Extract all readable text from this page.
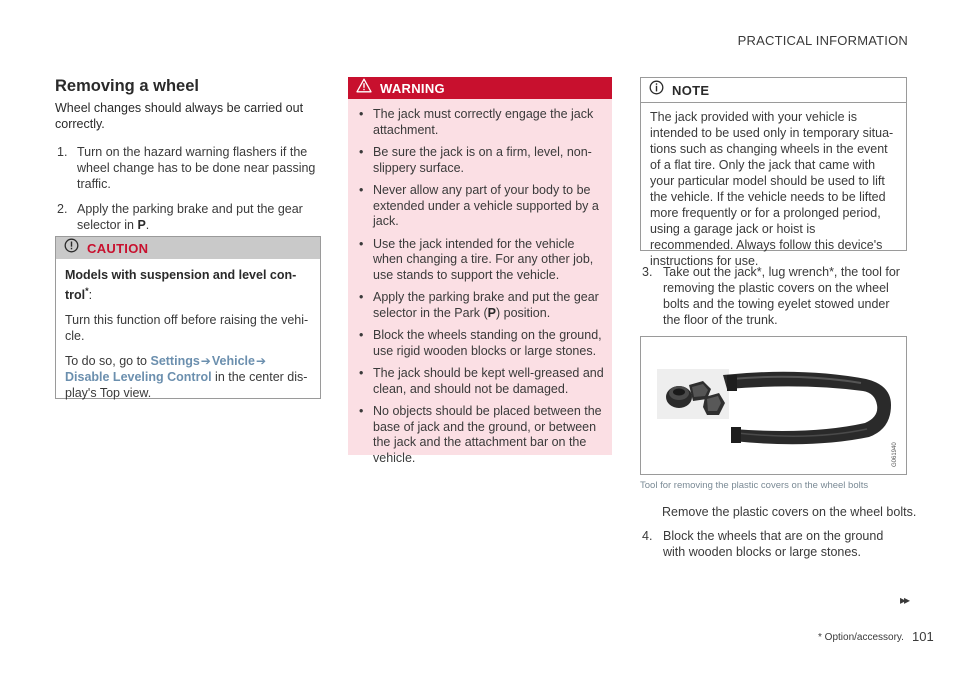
PRACTICAL INFORMATION
Removing a wheel
Wheel changes should always be carried out correctly.
1. Turn on the hazard warning flashers if the wheel change has to be done near passing traffic.
2. Apply the parking brake and put the gear selector in P.
CAUTION

Models with suspension and level con-trol*:

Turn this function off before raising the vehi-cle.

To do so, go to Settings➔Vehicle➔
Disable Leveling Control in the center dis-play's Top view.

WARNING
• The jack must correctly engage the jack attachment.
• Be sure the jack is on a firm, level, non-slippery surface.
• Never allow any part of your body to be extended under a vehicle supported by a jack.
• Use the jack intended for the vehicle when changing a tire. For any other job, use stands to support the vehicle.
• Apply the parking brake and put the gear selector in the Park (P) position.
• Block the wheels standing on the ground, use rigid wooden blocks or large stones.
• The jack should be kept well-greased and clean, and should not be damaged.
• No objects should be placed between the base of jack and the ground, or between the jack and the attachment bar on the vehicle.
NOTE
The jack provided with your vehicle is intended to be used only in temporary situa-tions such as changing wheels in the event of a flat tire. Only the jack that came with your particular model should be used to lift the vehicle. If the vehicle needs to be lifted more frequently or for a prolonged period, using a garage jack or hoist is recommended. Always follow this device's instructions for use.
3. Take out the jack*, lug wrench*, the tool for removing the plastic covers on the wheel bolts and the towing eyelet stowed under the floor of the trunk.
G061940
Tool for removing the plastic covers on the wheel bolts
Remove the plastic covers on the wheel bolts.
4. Block the wheels that are on the ground with wooden blocks or large stones.
▸▸
* Option/accessory. 101
